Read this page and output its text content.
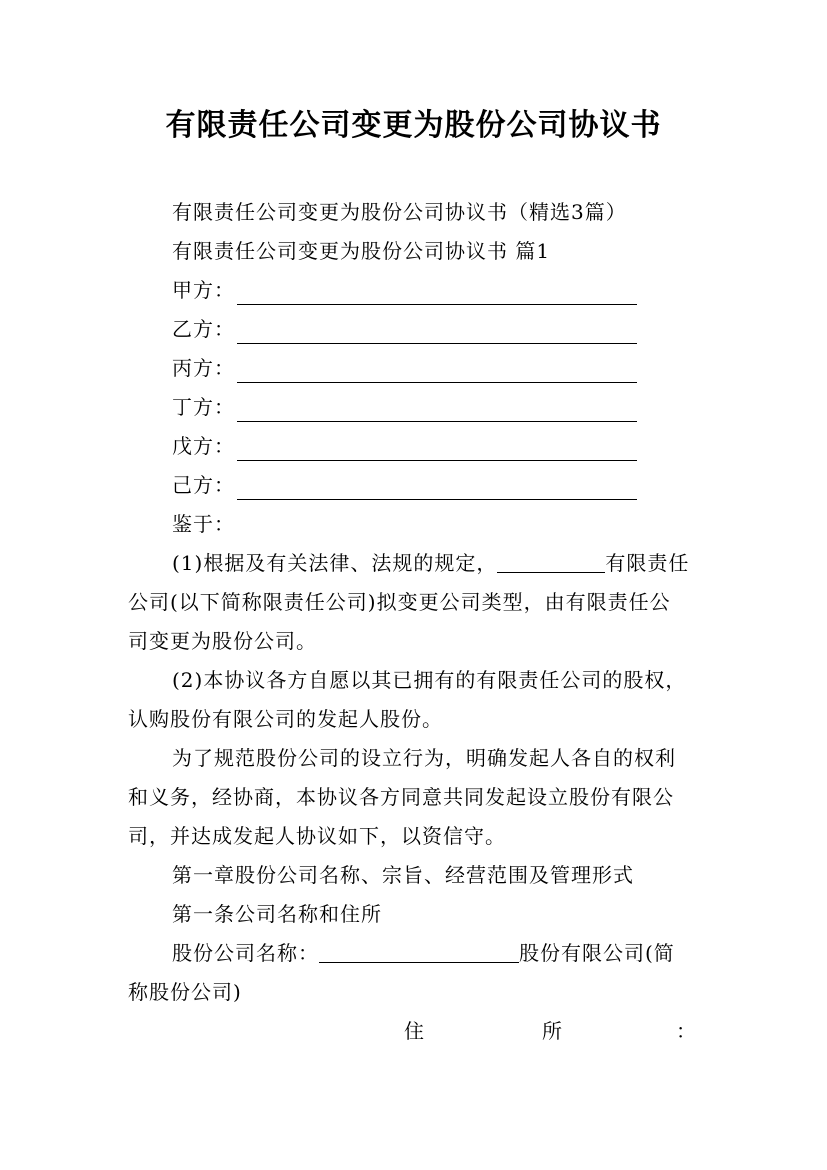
有限责任公司变更为股份公司协议书
有限责任公司变更为股份公司协议书（精选3篇）
有限责任公司变更为股份公司协议书 篇1
甲方：
乙方：
丙方：
丁方：
戊方：
己方：
鉴于：
(1)根据及有关法律、法规的规定，	有限责任
公司(以下简称限责任公司)拟变更公司类型，由有限责任公
司变更为股份公司。
(2)本协议各方自愿以其已拥有的有限责任公司的股权，
认购股份有限公司的发起人股份。
为了规范股份公司的设立行为，明确发起人各自的权利
和义务，经协商，本协议各方同意共同发起设立股份有限公
司，并达成发起人协议如下，以资信守。
第一章股份公司名称、宗旨、经营范围及管理形式
第一条公司名称和住所
股份公司名称：	股份有限公司(简
称股份公司)
住	所	：
